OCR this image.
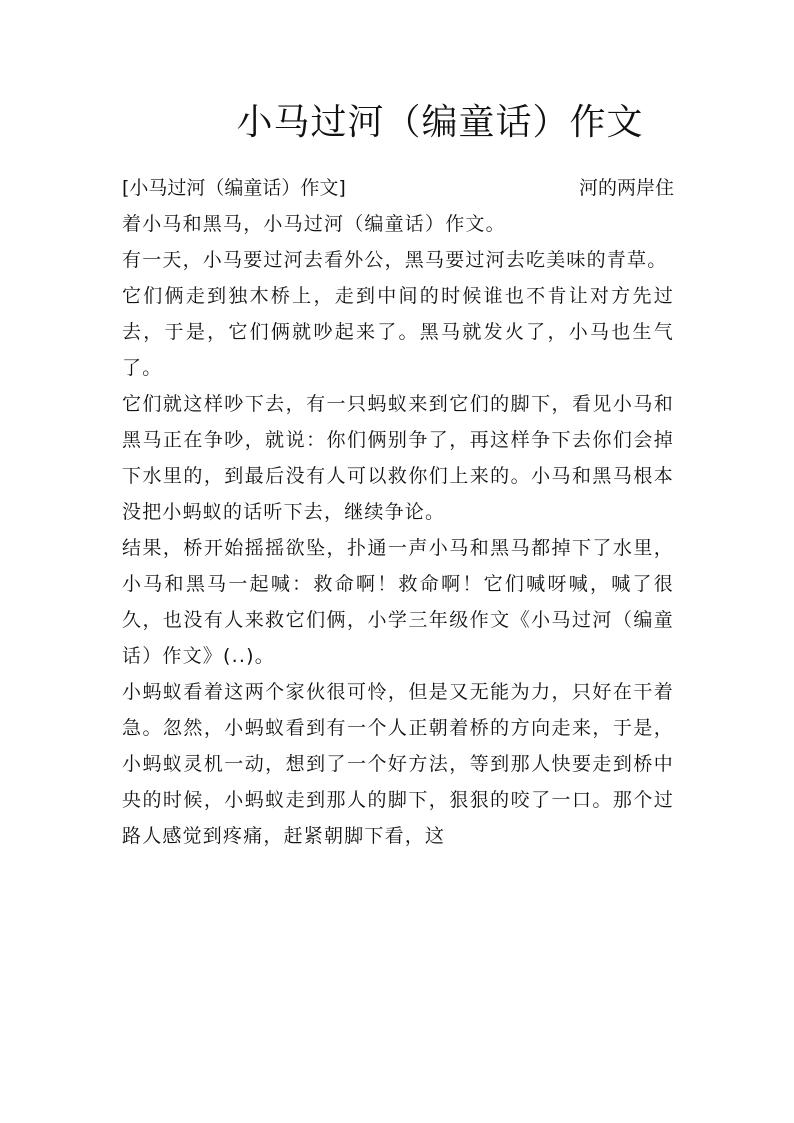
小马过河（编童话）作文
[小马过河（编童话）作文]	河的两岸住

着小马和黑马，小马过河（编童话）作文。

有一天，小马要过河去看外公，黑马要过河去吃美味的青草。

它们俩走到独木桥上，走到中间的时候谁也不肯让对方先过去，于是，它们俩就吵起来了。黑马就发火了，小马也生气了。

它们就这样吵下去，有一只蚂蚁来到它们的脚下，看见小马和黑马正在争吵，就说：你们俩别争了，再这样争下去你们会掉下水里的，到最后没有人可以救你们上来的。小马和黑马根本没把小蚂蚁的话听下去，继续争论。

结果，桥开始摇摇欲坠，扑通一声小马和黑马都掉下了水里，小马和黑马一起喊：救命啊！救命啊！它们喊呀喊，喊了很久，也没有人来救它们俩，小学三年级作文《小马过河（编童话）作文》(..)。

小蚂蚁看着这两个家伙很可怜，但是又无能为力，只好在干着急。忽然，小蚂蚁看到有一个人正朝着桥的方向走来，于是，小蚂蚁灵机一动，想到了一个好方法，等到那人快要走到桥中央的时候，小蚂蚁走到那人的脚下，狠狠的咬了一口。那个过路人感觉到疼痛，赶紧朝脚下看，这
